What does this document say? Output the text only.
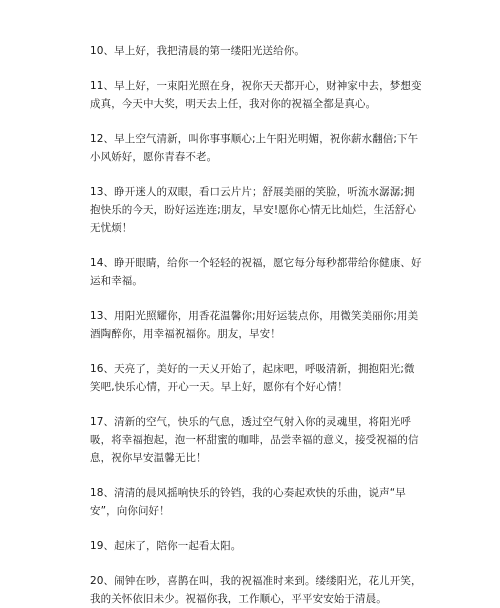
10、早上好，我把清晨的第一缕阳光送给你。

11、早上好，一束阳光照在身，祝你天天都开心，财神家中去，梦想变成真，今天中大奖，明天去上任，我对你的祝福全都是真心。

12、早上空气清新，叫你事事顺心;上午阳光明媚，祝你薪水翻倍;下午小风娇好，愿你青春不老。

13、睁开迷人的双眼，看口云片片；舒展美丽的笑脸，听流水潺潺;拥抱快乐的今天，盼好运连连;朋友，早安!愿你心情无比灿烂，生活舒心无忧烦！

14、睁开眼睛，给你一个轻轻的祝福，愿它每分每秒都带给你健康、好运和幸福。

13、用阳光照耀你，用香花温馨你;用好运装点你，用微笑美丽你;用美酒陶醉你，用幸福祝福你。朋友，早安！

16、天亮了，美好的一天乂开始了，起床吧，呼吸清新，拥抱阳光;微笑吧,快乐心情，开心一天。早上好，愿你有个好心情！

17、清新的空气，快乐的气息，透过空气射入你的灵魂里，将阳光呼吸，将幸福抱起，泡一杯甜蜜的咖啡，品尝幸福的意义，接受祝福的信息，祝你早安温馨无比！

18、清清的晨风摇响快乐的铃铛，我的心奏起欢快的乐曲，说声“早安”，向你问好！

19、起床了，陪你一起看太阳。

20、闹钟在吵，喜鹊在叫，我的祝福准时来到。缕缕阳光，花儿开笑，我的关怀依旧未少。祝福你我，工作顺心，平平安安始于清晨。
